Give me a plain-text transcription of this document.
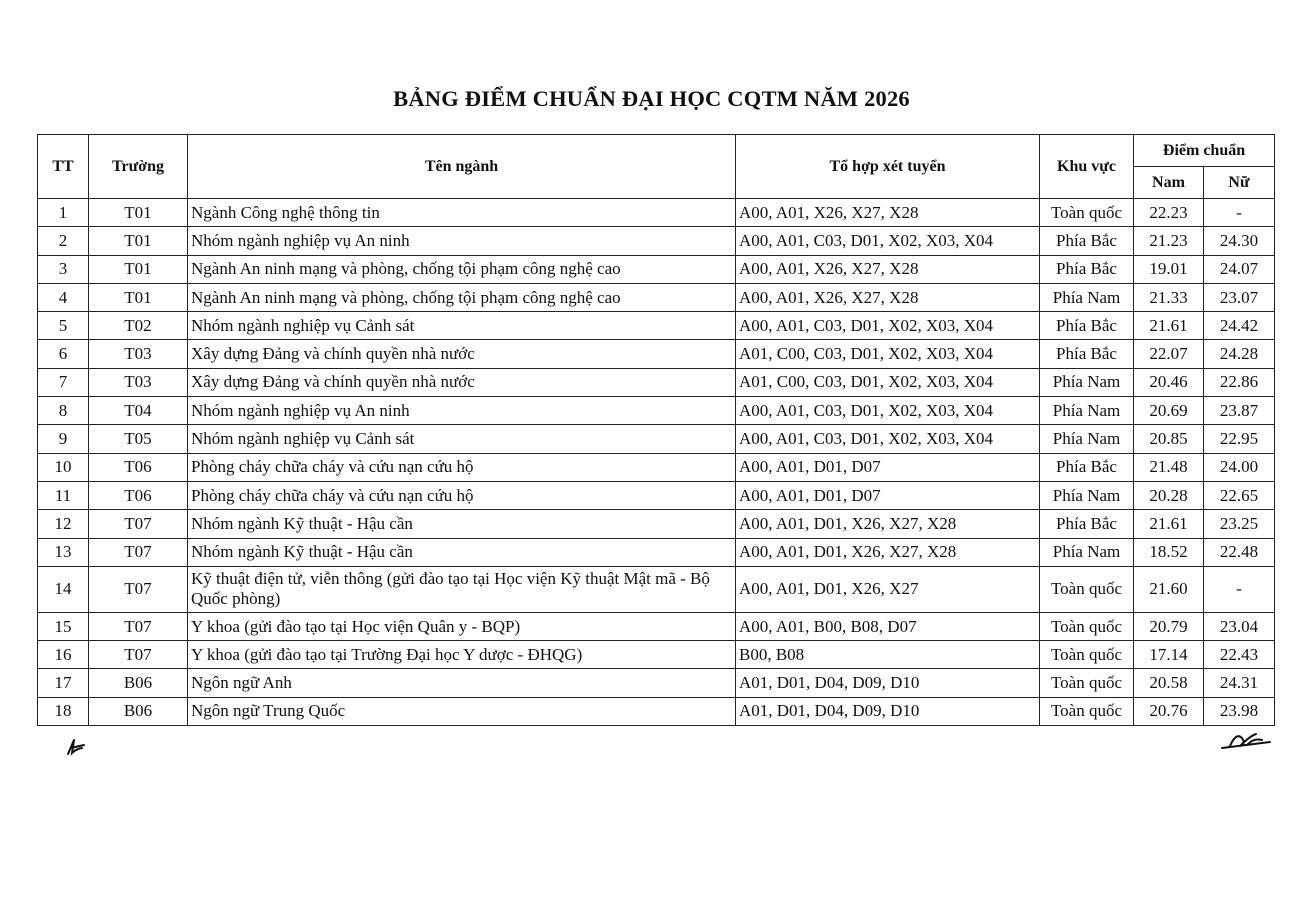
BẢNG ĐIỂM CHUẨN ĐẠI HỌC CQTM NĂM 2026
TT	Trường	Tên ngành	Tổ hợp xét tuyển	Khu vực	Điểm chuẩn	
					Nam	Nữ
1	T01	Ngành Công nghệ thông tin	A00, A01, X26, X27, X28	Toàn quốc	22.23	-
2	T01	Nhóm ngành nghiệp vụ An ninh	A00, A01, C03, D01, X02, X03, X04	Phía Bắc	21.23	24.30
3	T01	Ngành An ninh mạng và phòng, chống tội phạm công nghệ cao	A00, A01, X26, X27, X28	Phía Bắc	19.01	24.07
4	T01	Ngành An ninh mạng và phòng, chống tội phạm công nghệ cao	A00, A01, X26, X27, X28	Phía Nam	21.33	23.07
5	T02	Nhóm ngành nghiệp vụ Cảnh sát	A00, A01, C03, D01, X02, X03, X04	Phía Bắc	21.61	24.42
6	T03	Xây dựng Đảng và chính quyền nhà nước	A01, C00, C03, D01, X02, X03, X04	Phía Bắc	22.07	24.28
7	T03	Xây dựng Đảng và chính quyền nhà nước	A01, C00, C03, D01, X02, X03, X04	Phía Nam	20.46	22.86
8	T04	Nhóm ngành nghiệp vụ An ninh	A00, A01, C03, D01, X02, X03, X04	Phía Nam	20.69	23.87
9	T05	Nhóm ngành nghiệp vụ Cảnh sát	A00, A01, C03, D01, X02, X03, X04	Phía Nam	20.85	22.95
10	T06	Phòng cháy chữa cháy và cứu nạn cứu hộ	A00, A01, D01, D07	Phía Bắc	21.48	24.00
11	T06	Phòng cháy chữa cháy và cứu nạn cứu hộ	A00, A01, D01, D07	Phía Nam	20.28	22.65
12	T07	Nhóm ngành Kỹ thuật - Hậu cần	A00, A01, D01, X26, X27, X28	Phía Bắc	21.61	23.25
13	T07	Nhóm ngành Kỹ thuật - Hậu cần	A00, A01, D01, X26, X27, X28	Phía Nam	18.52	22.48
14	T07	Kỹ thuật điện tử, viễn thông (gửi đào tạo tại Học viện Kỹ thuật Mật mã - Bộ Quốc phòng)	A00, A01, D01, X26, X27	Toàn quốc	21.60	-
15	T07	Y khoa (gửi đào tạo tại Học viện Quân y - BQP)	A00, A01, B00, B08, D07	Toàn quốc	20.79	23.04
16	T07	Y khoa (gửi đào tạo tại Trường Đại học Y dược - ĐHQG)	B00, B08	Toàn quốc	17.14	22.43
17	B06	Ngôn ngữ Anh	A01, D01, D04, D09, D10	Toàn quốc	20.58	24.31
18	B06	Ngôn ngữ Trung Quốc	A01, D01, D04, D09, D10	Toàn quốc	20.76	23.98
